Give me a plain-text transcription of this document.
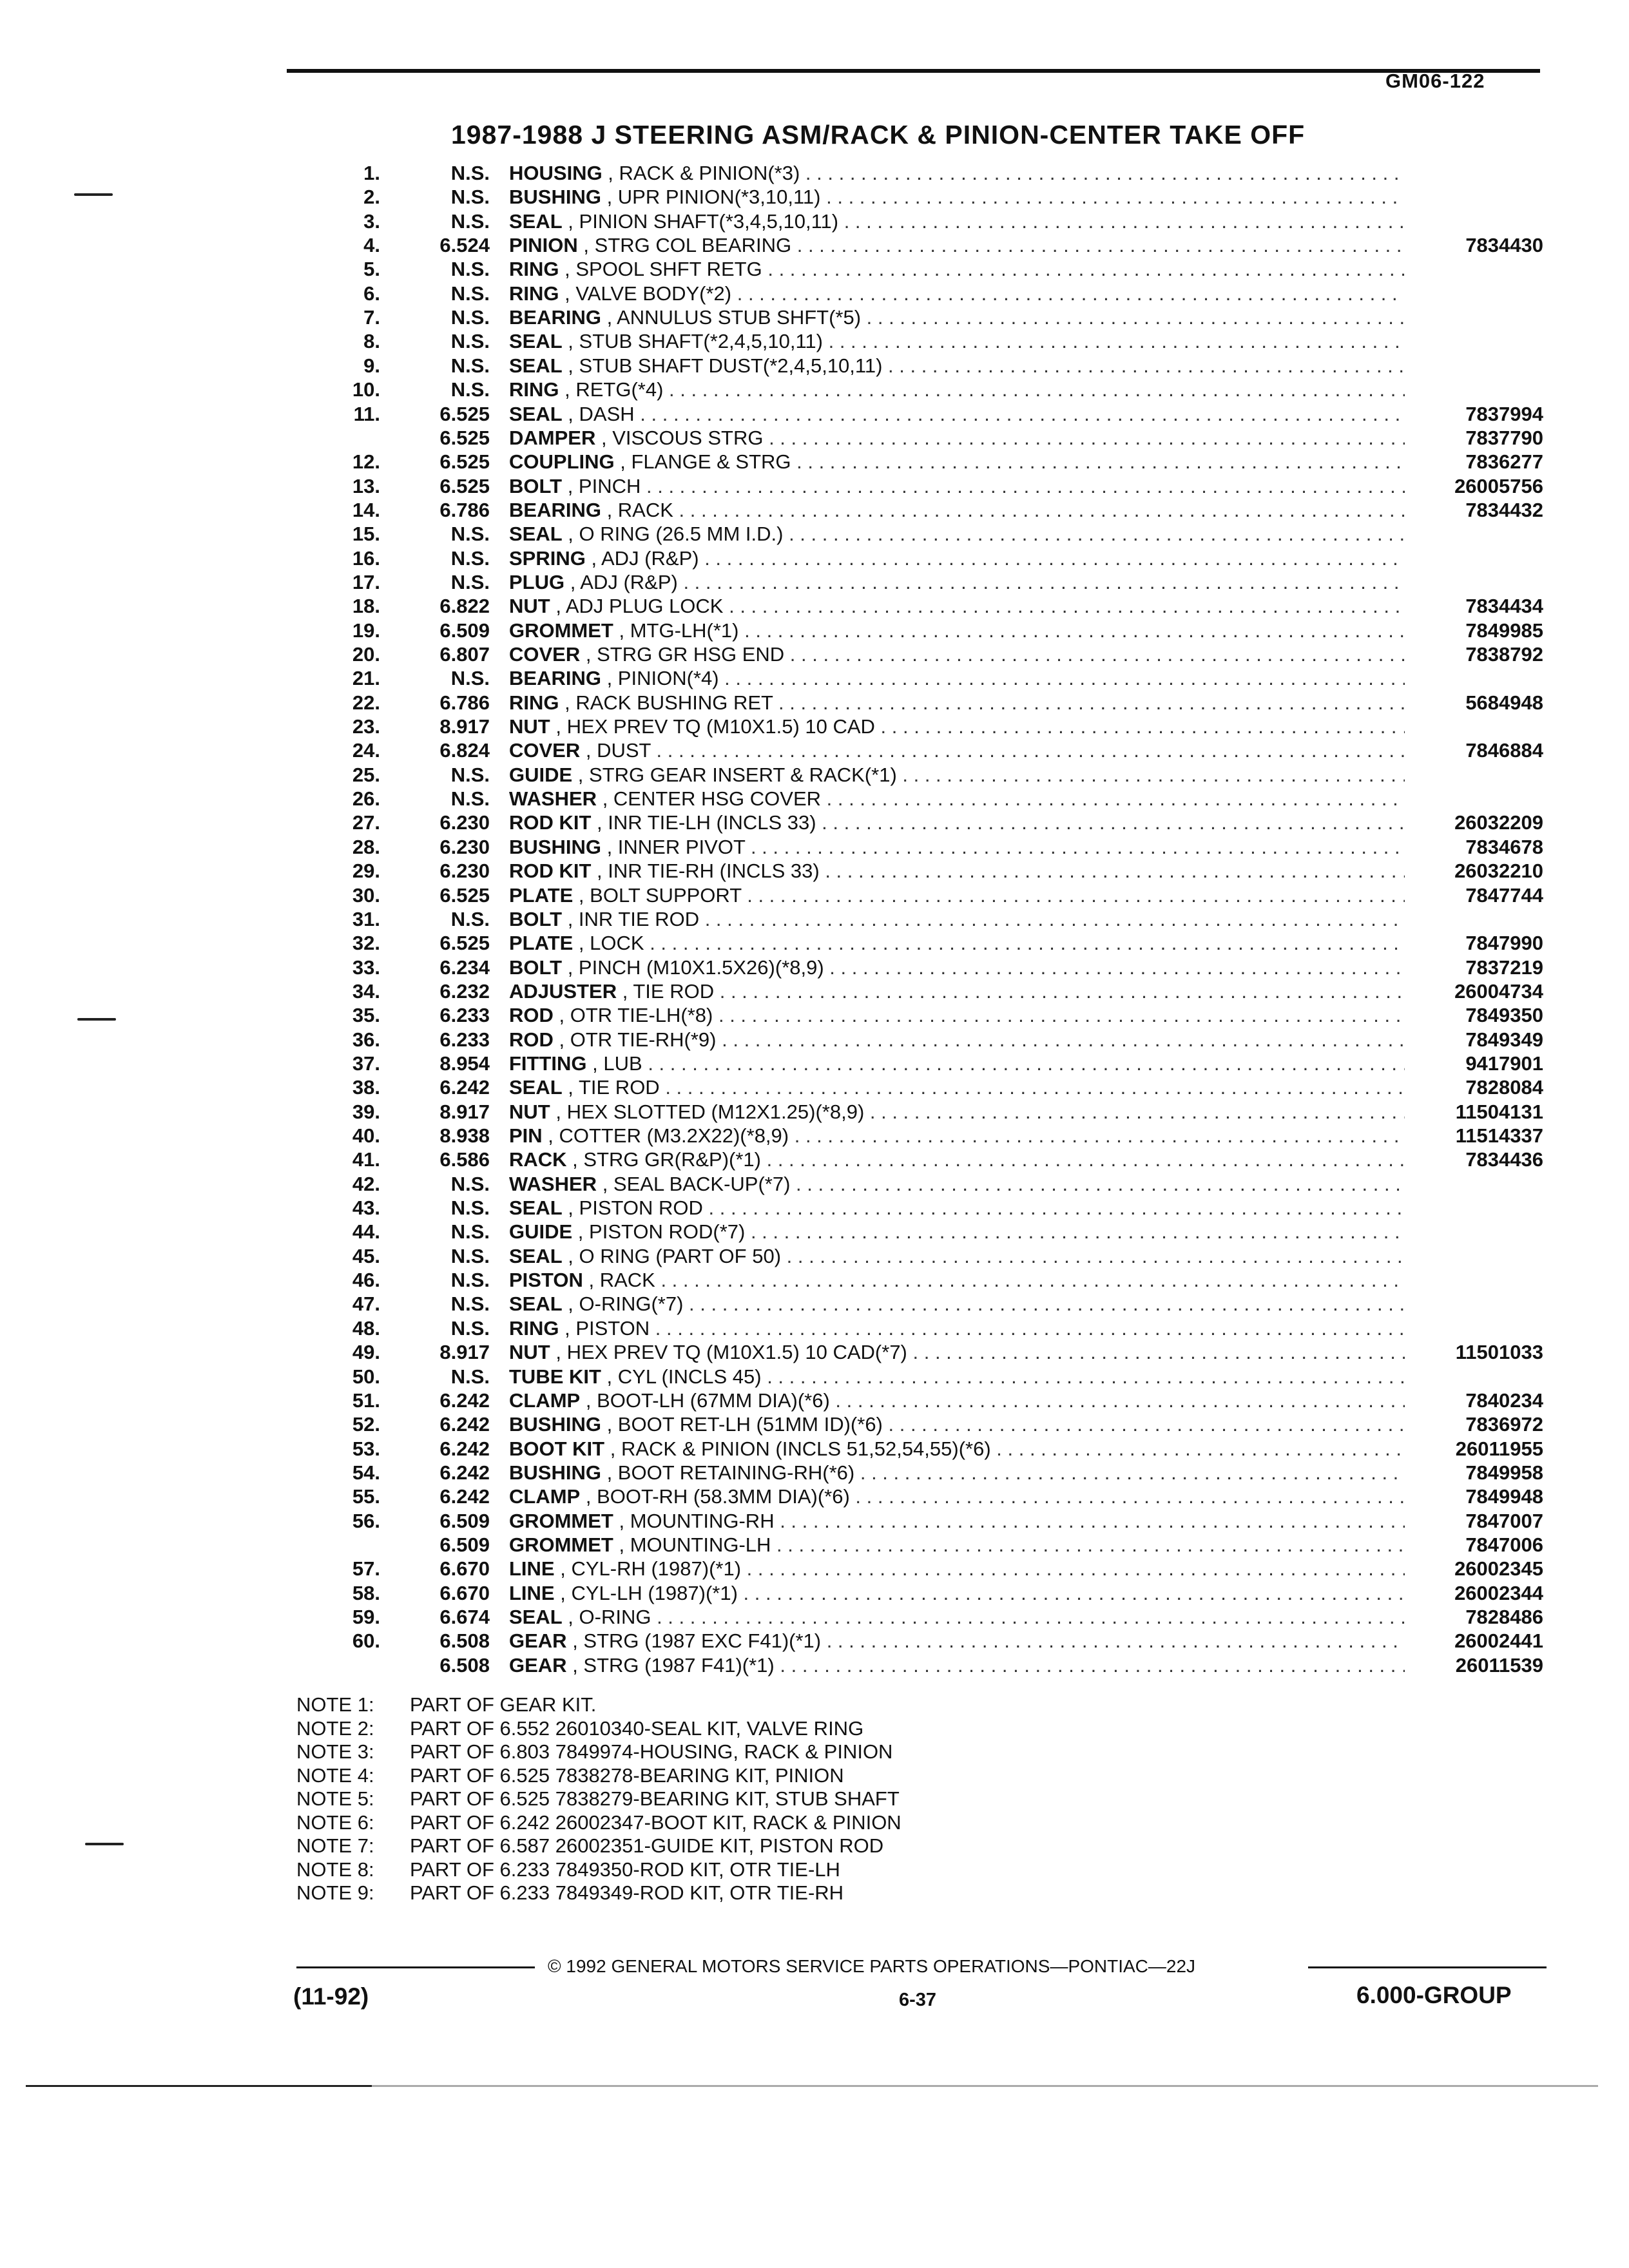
GM06-122
1987-1988 J STEERING ASM/RACK & PINION-CENTER TAKE OFF
1.	N.S. HOUSING , RACK & PINION(*3) . . .
2.	N.S. BUSHING , UPR PINION(*3,10,11) . . .
3.	N.S. SEAL , PINION SHAFT(*3,4,5,10,11) . . .
4.	6.524 PINION , STRG COL BEARING . . .	7834430
5.	N.S. RING , SPOOL SHFT RETG . . .
6.	N.S. RING , VALVE BODY(*2) . . .
7.	N.S. BEARING , ANNULUS STUB SHFT(*5) . . .
8.	N.S. SEAL , STUB SHAFT(*2,4,5,10,11) . . .
9.	N.S. SEAL , STUB SHAFT DUST(*2,4,5,10,11) . . .
10.	N.S. RING , RETG(*4) . . .
11.	6.525 SEAL , DASH . . .	7837994
6.525 DAMPER , VISCOUS STRG . . .	7837790
12.	6.525 COUPLING , FLANGE & STRG . . .	7836277
13.	6.525 BOLT , PINCH . . .	26005756
14.	6.786 BEARING , RACK . . .	7834432
15.	N.S. SEAL , O RING (26.5 MM I.D.) . . .
16.	N.S. SPRING , ADJ (R&P) . . .
17.	N.S. PLUG , ADJ (R&P) . . .
18.	6.822 NUT , ADJ PLUG LOCK . . .	7834434
19.	6.509 GROMMET , MTG-LH(*1) . . .	7849985
20.	6.807 COVER , STRG GR HSG END . . .	7838792
21.	N.S. BEARING , PINION(*4) . . .
22.	6.786 RING , RACK BUSHING RET . . .	5684948
23.	8.917 NUT , HEX PREV TQ (M10X1.5) 10 CAD . . .
24.	6.824 COVER , DUST . . .	7846884
25.	N.S. GUIDE , STRG GEAR INSERT & RACK(*1) . . .
26.	N.S. WASHER , CENTER HSG COVER . . .
27.	6.230 ROD KIT , INR TIE-LH (INCLS 33) . . .	26032209
28.	6.230 BUSHING , INNER PIVOT . . .	7834678
29.	6.230 ROD KIT , INR TIE-RH (INCLS 33) . . .	26032210
30.	6.525 PLATE , BOLT SUPPORT . . .	7847744
31.	N.S. BOLT , INR TIE ROD . . .
32.	6.525 PLATE , LOCK . . .	7847990
33.	6.234 BOLT , PINCH (M10X1.5X26)(*8,9) . . .	7837219
34.	6.232 ADJUSTER , TIE ROD . . .	26004734
35.	6.233 ROD , OTR TIE-LH(*8) . . .	7849350
36.	6.233 ROD , OTR TIE-RH(*9) . . .	7849349
37.	8.954 FITTING , LUB . . .	9417901
38.	6.242 SEAL , TIE ROD . . .	7828084
39.	8.917 NUT , HEX SLOTTED (M12X1.25)(*8,9) . . .	11504131
40.	8.938 PIN , COTTER (M3.2X22)(*8,9) . . .	11514337
41.	6.586 RACK , STRG GR(R&P)(*1) . . .	7834436
42.	N.S. WASHER , SEAL BACK-UP(*7) . . .
43.	N.S. SEAL , PISTON ROD . . .
44.	N.S. GUIDE , PISTON ROD(*7) . . .
45.	N.S. SEAL , O RING (PART OF 50) . . .
46.	N.S. PISTON , RACK . . .
47.	N.S. SEAL , O-RING(*7) . . .
48.	N.S. RING , PISTON . . .
49.	8.917 NUT , HEX PREV TQ (M10X1.5) 10 CAD(*7) . . .	11501033
50.	N.S. TUBE KIT , CYL (INCLS 45) . . .
51.	6.242 CLAMP , BOOT-LH (67MM DIA)(*6) . . .	7840234
52.	6.242 BUSHING , BOOT RET-LH (51MM ID)(*6) . . .	7836972
53.	6.242 BOOT KIT , RACK & PINION (INCLS 51,52,54,55)(*6) . . .	26011955
54.	6.242 BUSHING , BOOT RETAINING-RH(*6) . . .	7849958
55.	6.242 CLAMP , BOOT-RH (58.3MM DIA)(*6) . . .	7849948
56.	6.509 GROMMET , MOUNTING-RH . . .	7847007
6.509 GROMMET , MOUNTING-LH . . .	7847006
57.	6.670 LINE , CYL-RH (1987)(*1) . . .	26002345
58.	6.670 LINE , CYL-LH (1987)(*1) . . .	26002344
59.	6.674 SEAL , O-RING . . .	7828486
60.	6.508 GEAR , STRG (1987 EXC F41)(*1) . . .	26002441
6.508 GEAR , STRG (1987 F41)(*1) . . .	26011539
NOTE 1: PART OF GEAR KIT.
NOTE 2: PART OF 6.552 26010340-SEAL KIT, VALVE RING
NOTE 3: PART OF 6.803 7849974-HOUSING, RACK & PINION
NOTE 4: PART OF 6.525 7838278-BEARING KIT, PINION
NOTE 5: PART OF 6.525 7838279-BEARING KIT, STUB SHAFT
NOTE 6: PART OF 6.242 26002347-BOOT KIT, RACK & PINION
NOTE 7: PART OF 6.587 26002351-GUIDE KIT, PISTON ROD
NOTE 8: PART OF 6.233 7849350-ROD KIT, OTR TIE-LH
NOTE 9: PART OF 6.233 7849349-ROD KIT, OTR TIE-RH
© 1992 GENERAL MOTORS SERVICE PARTS OPERATIONS—PONTIAC—22J
(11-92)	6-37	6.000-GROUP
